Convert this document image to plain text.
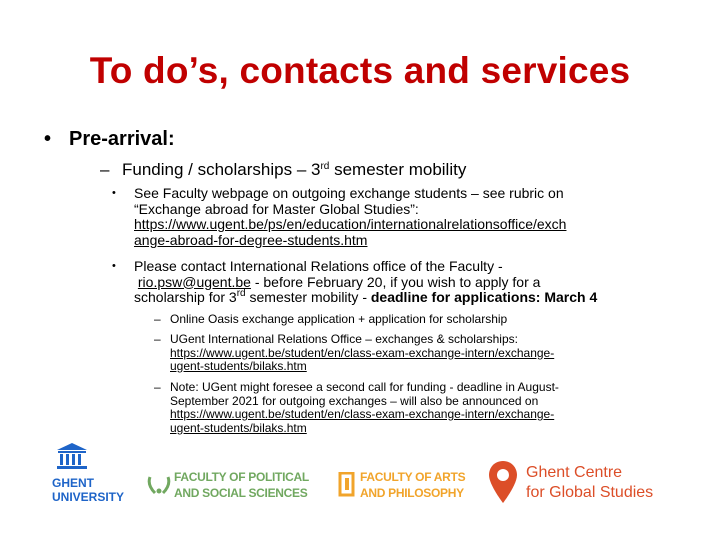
To do’s, contacts and services
• Pre-arrival:
– Funding / scholarships – 3rd semester mobility
• See Faculty webpage on outgoing exchange students – see rubric on
“Exchange abroad for Master Global Studies”:
https://www.ugent.be/ps/en/education/internationalrelationsoffice/exch
ange-abroad-for-degree-students.htm
• Please contact International Relations office of the Faculty -
rio.psw@ugent.be - before February 20, if you wish to apply for a
scholarship for 3rd semester mobility - deadline for applications: March 4
– Online Oasis exchange application + application for scholarship
– UGent International Relations Office – exchanges & scholarships:
https://www.ugent.be/student/en/class-exam-exchange-intern/exchange-
ugent-students/bilaks.htm
– Note: UGent might foresee a second call for funding - deadline in August-
September 2021 for outgoing exchanges – will also be announced on
https://www.ugent.be/student/en/class-exam-exchange-intern/exchange-
ugent-students/bilaks.htm
GHENT
UNIVERSITY
FACULTY OF POLITICAL
AND SOCIAL SCIENCES
FACULTY OF ARTS
AND PHILOSOPHY
Ghent Centre
for Global Studies
